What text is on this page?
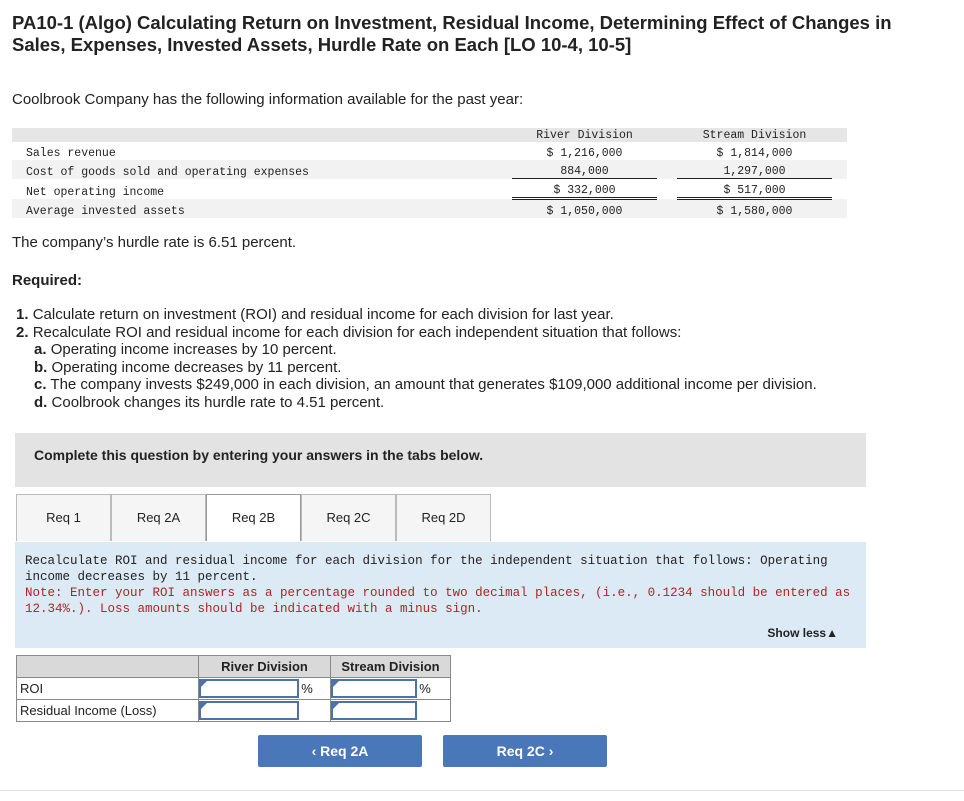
PA10-1 (Algo) Calculating Return on Investment, Residual Income, Determining Effect of Changes in Sales, Expenses, Invested Assets, Hurdle Rate on Each [LO 10-4, 10-5]
Coolbrook Company has the following information available for the past year:
	River Division		Stream Division	
Sales revenue	$ 1,216,000		$ 1,814,000	
Cost of goods sold and operating expenses	884,000		1,297,000	
Net operating income	$ 332,000		$ 517,000	
Average invested assets	$ 1,050,000		$ 1,580,000	
The company’s hurdle rate is 6.51 percent.
Required:
1. Calculate return on investment (ROI) and residual income for each division for last year.
2. Recalculate ROI and residual income for each division for each independent situation that follows:
a. Operating income increases by 10 percent.
b. Operating income decreases by 11 percent.
c. The company invests $249,000 in each division, an amount that generates $109,000 additional income per division.
d. Coolbrook changes its hurdle rate to 4.51 percent.
Complete this question by entering your answers in the tabs below.
Req 1	Req 2A	Req 2B	Req 2C	Req 2D
Recalculate ROI and residual income for each division for the independent situation that follows: Operating income decreases by 11 percent.
Note: Enter your ROI answers as a percentage rounded to two decimal places, (i.e., 0.1234 should be entered as 12.34%.). Loss amounts should be indicated with a minus sign.
Show less▲
	River Division	Stream Division
ROI	%	%
Residual Income (Loss)	

‹ Req 2A	Req 2C ›
